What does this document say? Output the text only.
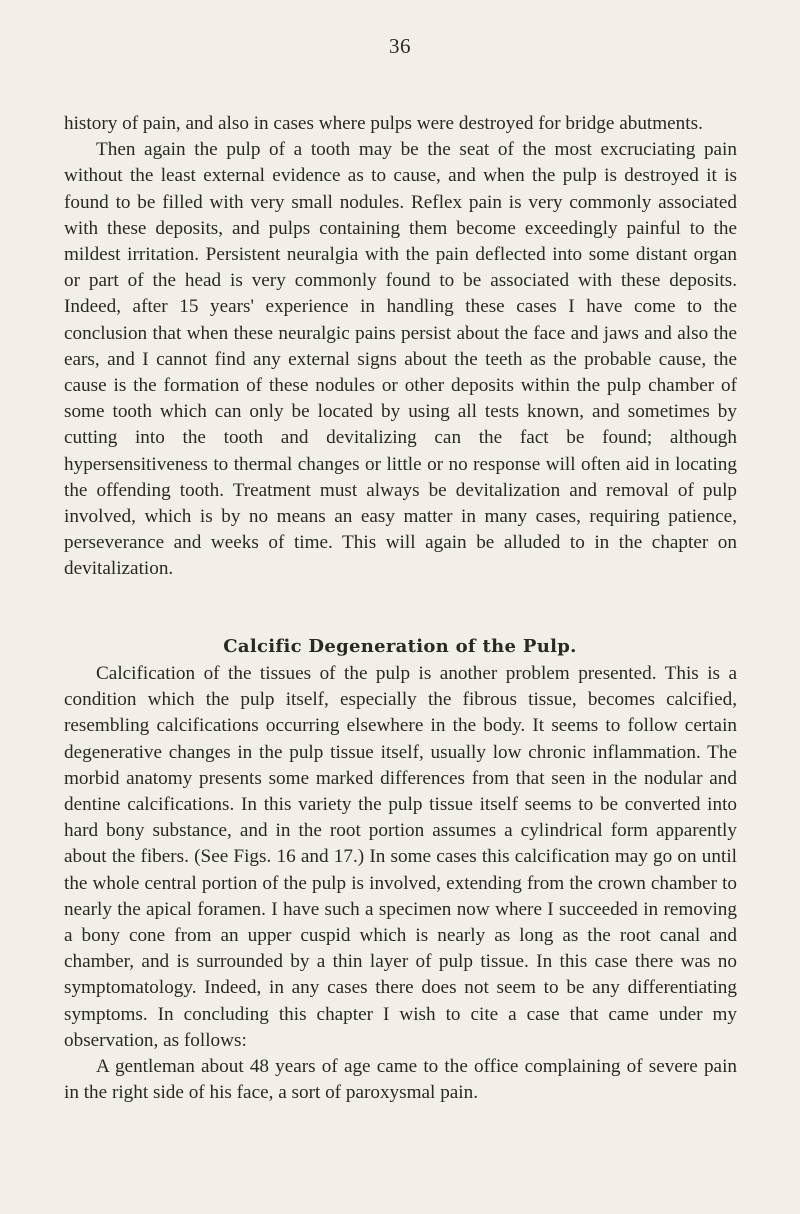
36

history of pain, and also in cases where pulps were destroyed for bridge abutments.

Then again the pulp of a tooth may be the seat of the most excruciating pain without the least external evidence as to cause, and when the pulp is destroyed it is found to be filled with very small nodules. Reflex pain is very commonly associated with these deposits, and pulps containing them become exceedingly painful to the mildest irritation. Persistent neuralgia with the pain deflected into some distant organ or part of the head is very commonly found to be associated with these deposits. Indeed, after 15 years' experience in handling these cases I have come to the conclusion that when these neuralgic pains persist about the face and jaws and also the ears, and I cannot find any external signs about the teeth as the probable cause, the cause is the formation of these nodules or other deposits within the pulp chamber of some tooth which can only be located by using all tests known, and sometimes by cutting into the tooth and devitalizing can the fact be found; although hypersensitiveness to thermal changes or little or no response will often aid in locating the offending tooth. Treatment must always be devitalization and removal of pulp involved, which is by no means an easy matter in many cases, requiring patience, perseverance and weeks of time. This will again be alluded to in the chapter on devitalization.

Calcific Degeneration of the Pulp.

Calcification of the tissues of the pulp is another problem presented. This is a condition which the pulp itself, especially the fibrous tissue, becomes calcified, resembling calcifications occurring elsewhere in the body. It seems to follow certain degenerative changes in the pulp tissue itself, usually low chronic inflammation. The morbid anatomy presents some marked differences from that seen in the nodular and dentine calcifications. In this variety the pulp tissue itself seems to be converted into hard bony substance, and in the root portion assumes a cylindrical form apparently about the fibers. (See Figs. 16 and 17.) In some cases this calcification may go on until the whole central portion of the pulp is involved, extending from the crown chamber to nearly the apical foramen. I have such a specimen now where I succeeded in removing a bony cone from an upper cuspid which is nearly as long as the root canal and chamber, and is surrounded by a thin layer of pulp tissue. In this case there was no symptomatology. Indeed, in any cases there does not seem to be any differentiating symptoms. In concluding this chapter I wish to cite a case that came under my observation, as follows:

A gentleman about 48 years of age came to the office complaining of severe pain in the right side of his face, a sort of paroxysmal pain.
